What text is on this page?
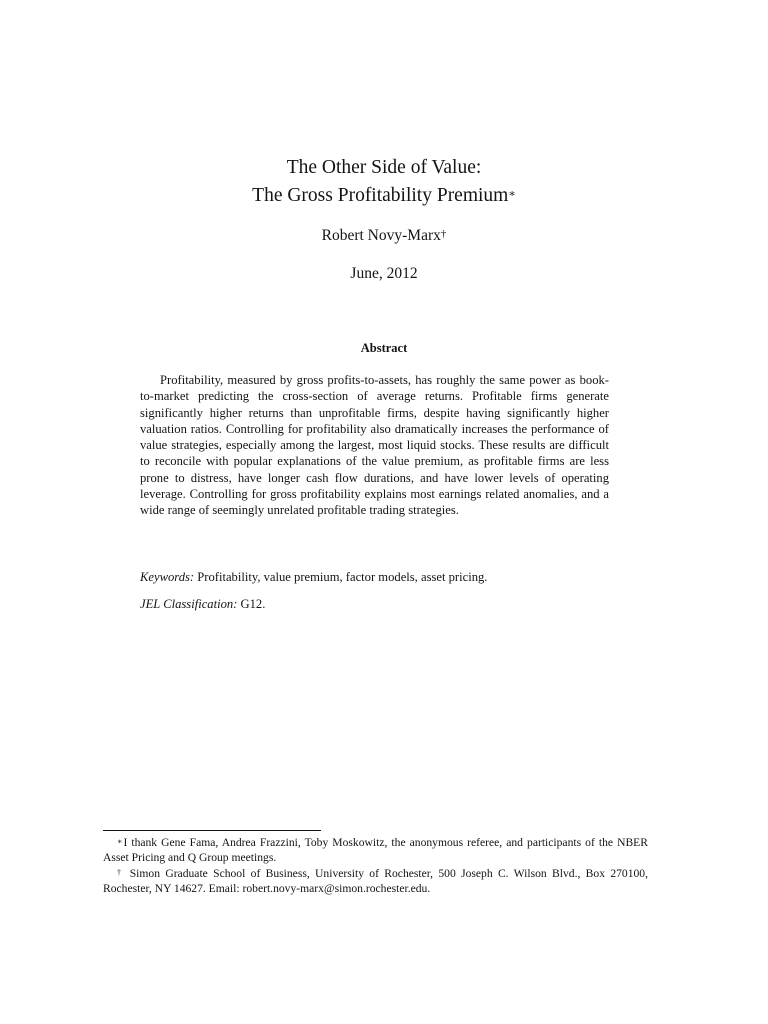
The Other Side of Value:
The Gross Profitability Premium∗
Robert Novy-Marx†
June, 2012
Abstract

Profitability, measured by gross profits-to-assets, has roughly the same power as book-to-market predicting the cross-section of average returns. Profitable firms generate significantly higher returns than unprofitable firms, despite having significantly higher valuation ratios. Controlling for profitability also dramatically increases the performance of value strategies, especially among the largest, most liquid stocks. These results are difficult to reconcile with popular explanations of the value premium, as profitable firms are less prone to distress, have longer cash flow durations, and have lower levels of operating leverage. Controlling for gross profitability explains most earnings related anomalies, and a wide range of seemingly unrelated profitable trading strategies.

Keywords: Profitability, value premium, factor models, asset pricing.
JEL Classification: G12.

∗I thank Gene Fama, Andrea Frazzini, Toby Moskowitz, the anonymous referee, and participants of the NBER Asset Pricing and Q Group meetings.

† Simon Graduate School of Business, University of Rochester, 500 Joseph C. Wilson Blvd., Box 270100, Rochester, NY 14627. Email: robert.novy-marx@simon.rochester.edu.
